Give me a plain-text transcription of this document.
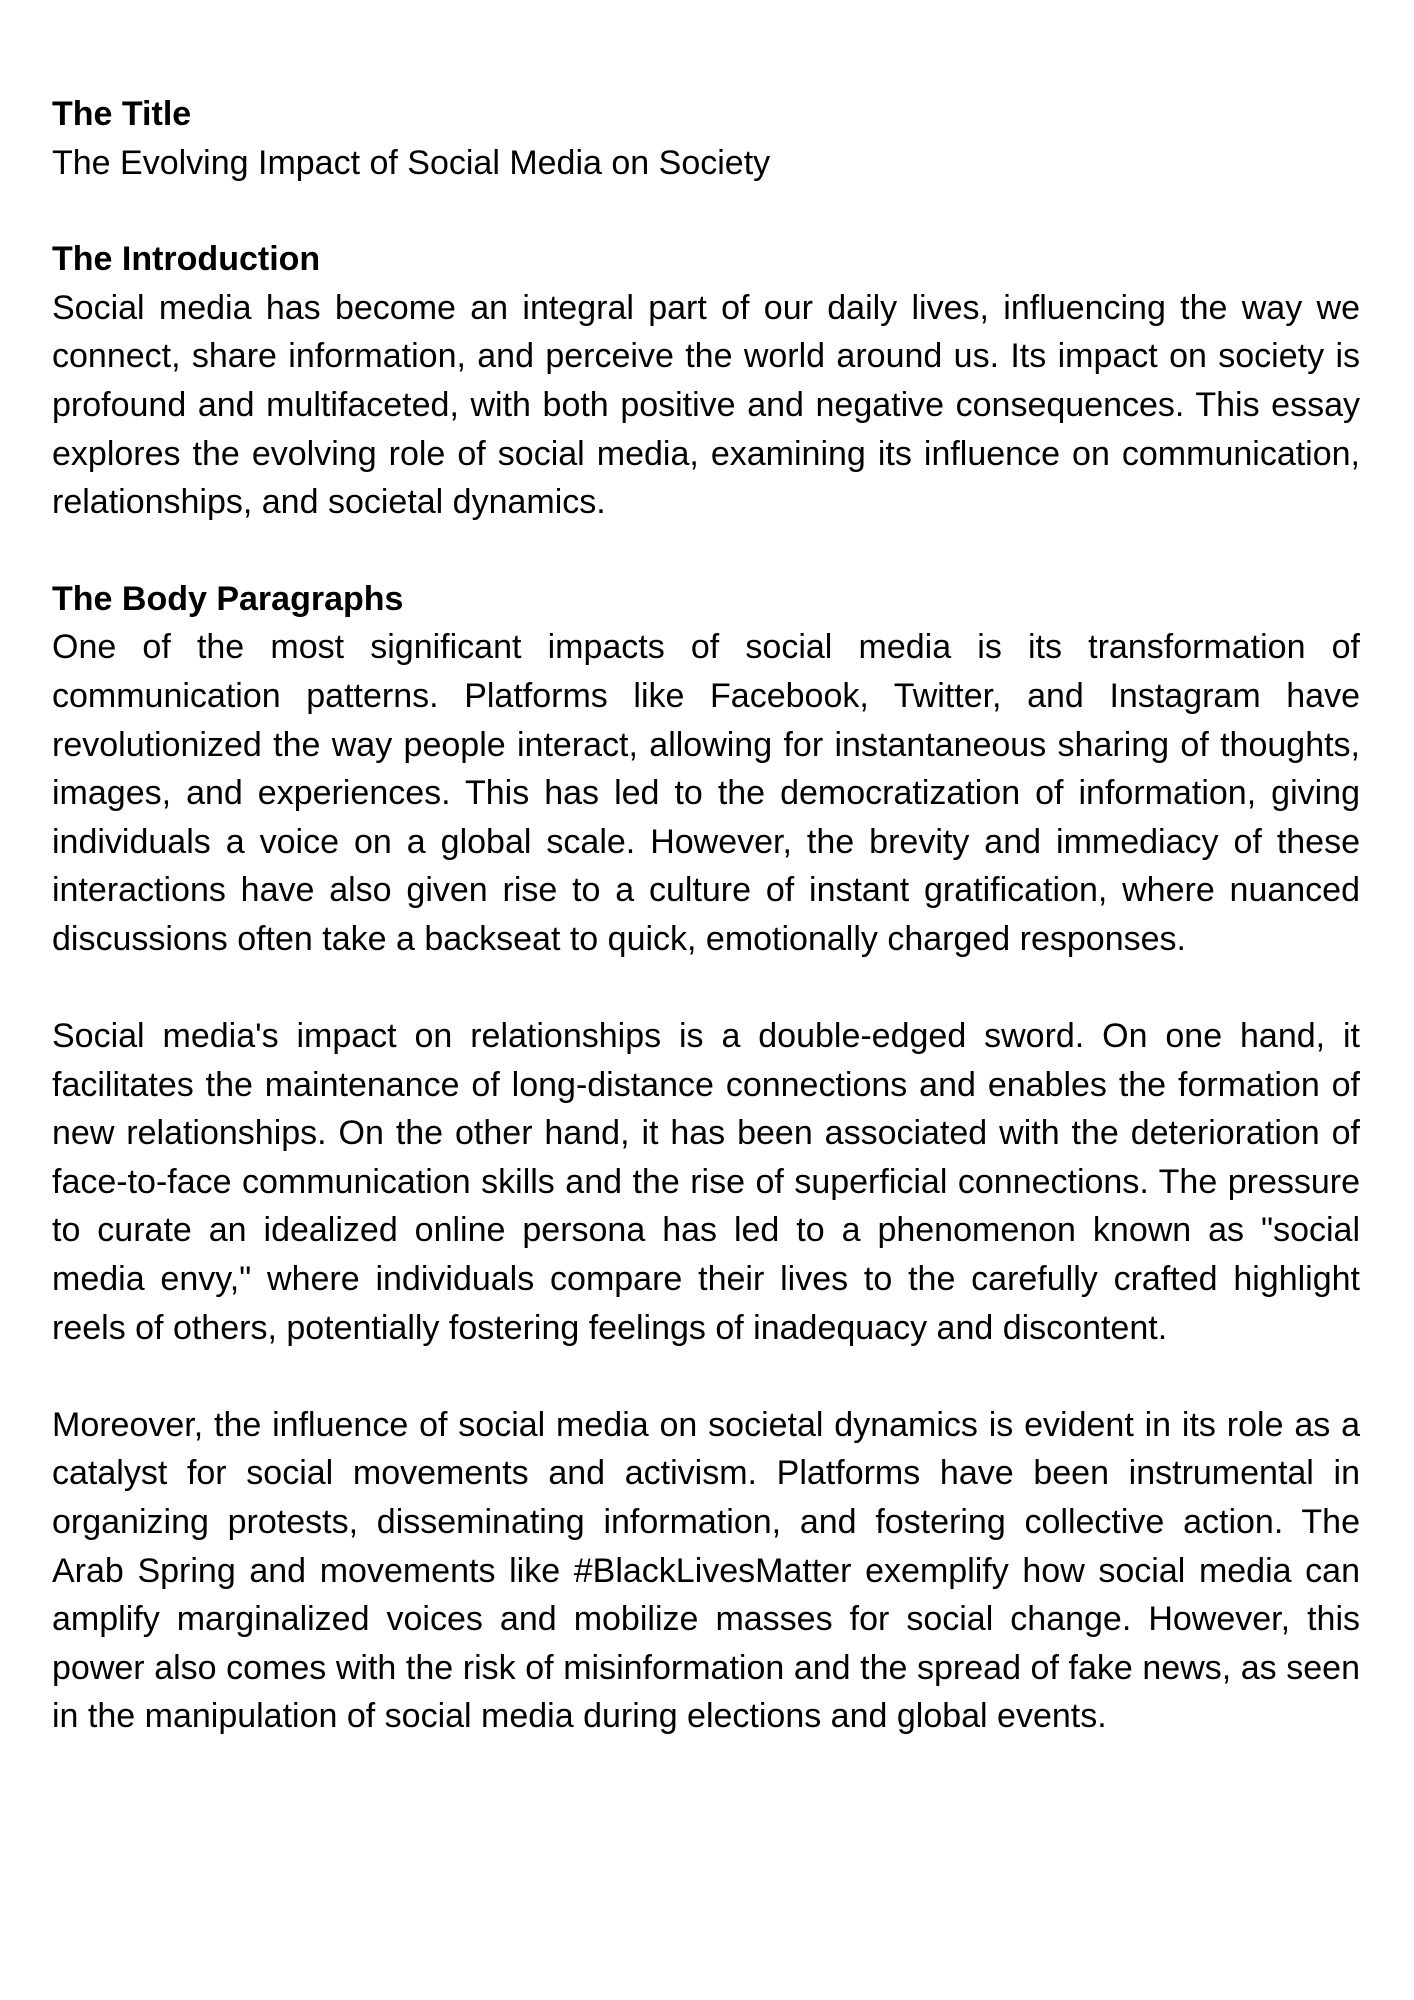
The Title

The Evolving Impact of Social Media on Society

The Introduction

Social media has become an integral part of our daily lives, influencing the way we connect, share information, and perceive the world around us. Its impact on society is profound and multifaceted, with both positive and negative consequences. This essay explores the evolving role of social media, examining its influence on communication, relationships, and societal dynamics.

The Body Paragraphs

One of the most significant impacts of social media is its transformation of communication patterns. Platforms like Facebook, Twitter, and Instagram have revolutionized the way people interact, allowing for instantaneous sharing of thoughts, images, and experiences. This has led to the democratization of information, giving individuals a voice on a global scale. However, the brevity and immediacy of these interactions have also given rise to a culture of instant gratification, where nuanced discussions often take a backseat to quick, emotionally charged responses.

Social media's impact on relationships is a double-edged sword. On one hand, it facilitates the maintenance of long-distance connections and enables the formation of new relationships. On the other hand, it has been associated with the deterioration of face-to-face communication skills and the rise of superficial connections. The pressure to curate an idealized online persona has led to a phenomenon known as "social media envy," where individuals compare their lives to the carefully crafted highlight reels of others, potentially fostering feelings of inadequacy and discontent.

Moreover, the influence of social media on societal dynamics is evident in its role as a catalyst for social movements and activism. Platforms have been instrumental in organizing protests, disseminating information, and fostering collective action. The Arab Spring and movements like #BlackLivesMatter exemplify how social media can amplify marginalized voices and mobilize masses for social change. However, this power also comes with the risk of misinformation and the spread of fake news, as seen in the manipulation of social media during elections and global events.
